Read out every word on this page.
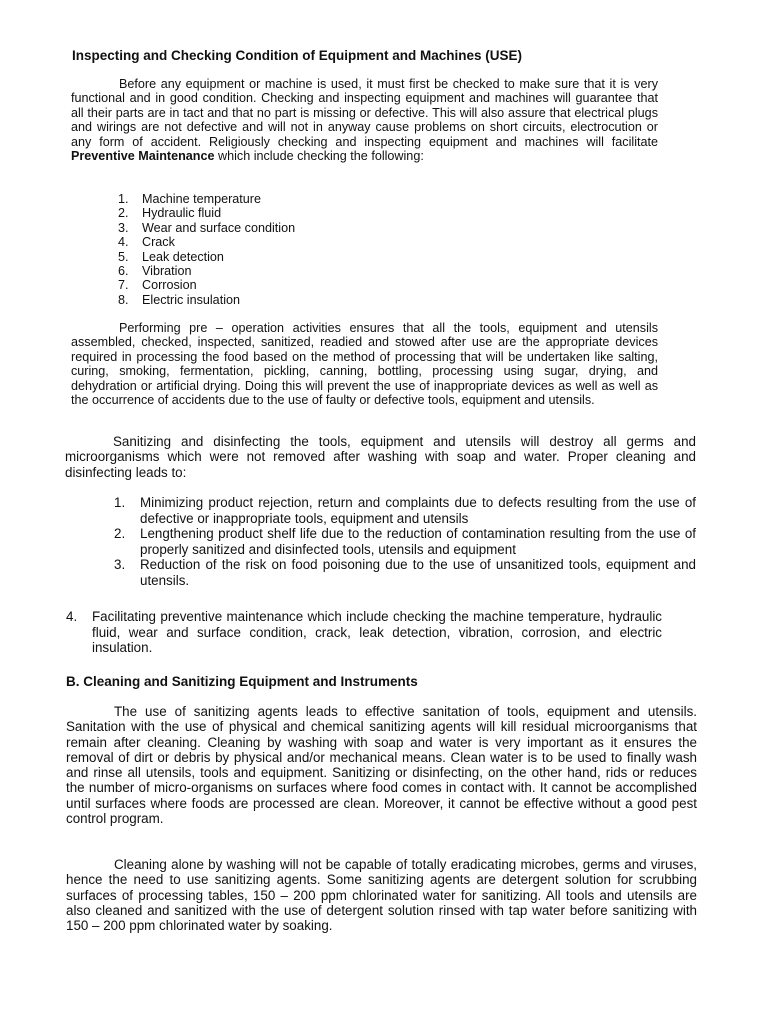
Inspecting and Checking Condition of Equipment and Machines (USE)
Before any equipment or machine is used, it must first be checked to make sure that it is very functional and in good condition. Checking and inspecting equipment and machines will guarantee that all their parts are in tact and that no part is missing or defective. This will also assure that electrical plugs and wirings are not defective and will not in anyway cause problems on short circuits, electrocution or any form of accident. Religiously checking and inspecting equipment and machines will facilitate Preventive Maintenance which include checking the following:
1. Machine temperature
2. Hydraulic fluid
3. Wear and surface condition
4. Crack
5. Leak detection
6. Vibration
7. Corrosion
8. Electric insulation
Performing pre – operation activities ensures that all the tools, equipment and utensils assembled, checked, inspected, sanitized, readied and stowed after use are the appropriate devices required in processing the food based on the method of processing that will be undertaken like salting, curing, smoking, fermentation, pickling, canning, bottling, processing using sugar, drying, and dehydration or artificial drying. Doing this will prevent the use of inappropriate devices as well as well as the occurrence of accidents due to the use of faulty or defective tools, equipment and utensils.
Sanitizing and disinfecting the tools, equipment and utensils will destroy all germs and microorganisms which were not removed after washing with soap and water. Proper cleaning and disinfecting leads to:
1. Minimizing product rejection, return and complaints due to defects resulting from the use of defective or inappropriate tools, equipment and utensils
2. Lengthening product shelf life due to the reduction of contamination resulting from the use of properly sanitized and disinfected tools, utensils and equipment
3. Reduction of the risk on food poisoning due to the use of unsanitized tools, equipment and utensils.
4. Facilitating preventive maintenance which include checking the machine temperature, hydraulic fluid, wear and surface condition, crack, leak detection, vibration, corrosion, and electric insulation.
B. Cleaning and Sanitizing Equipment and Instruments
The use of sanitizing agents leads to effective sanitation of tools, equipment and utensils. Sanitation with the use of physical and chemical sanitizing agents will kill residual microorganisms that remain after cleaning. Cleaning by washing with soap and water is very important as it ensures the removal of dirt or debris by physical and/or mechanical means. Clean water is to be used to finally wash and rinse all utensils, tools and equipment. Sanitizing or disinfecting, on the other hand, rids or reduces the number of micro-organisms on surfaces where food comes in contact with. It cannot be accomplished until surfaces where foods are processed are clean. Moreover, it cannot be effective without a good pest control program.
Cleaning alone by washing will not be capable of totally eradicating microbes, germs and viruses, hence the need to use sanitizing agents. Some sanitizing agents are detergent solution for scrubbing surfaces of processing tables, 150 – 200 ppm chlorinated water for sanitizing. All tools and utensils are also cleaned and sanitized with the use of detergent solution rinsed with tap water before sanitizing with 150 – 200 ppm chlorinated water by soaking.
